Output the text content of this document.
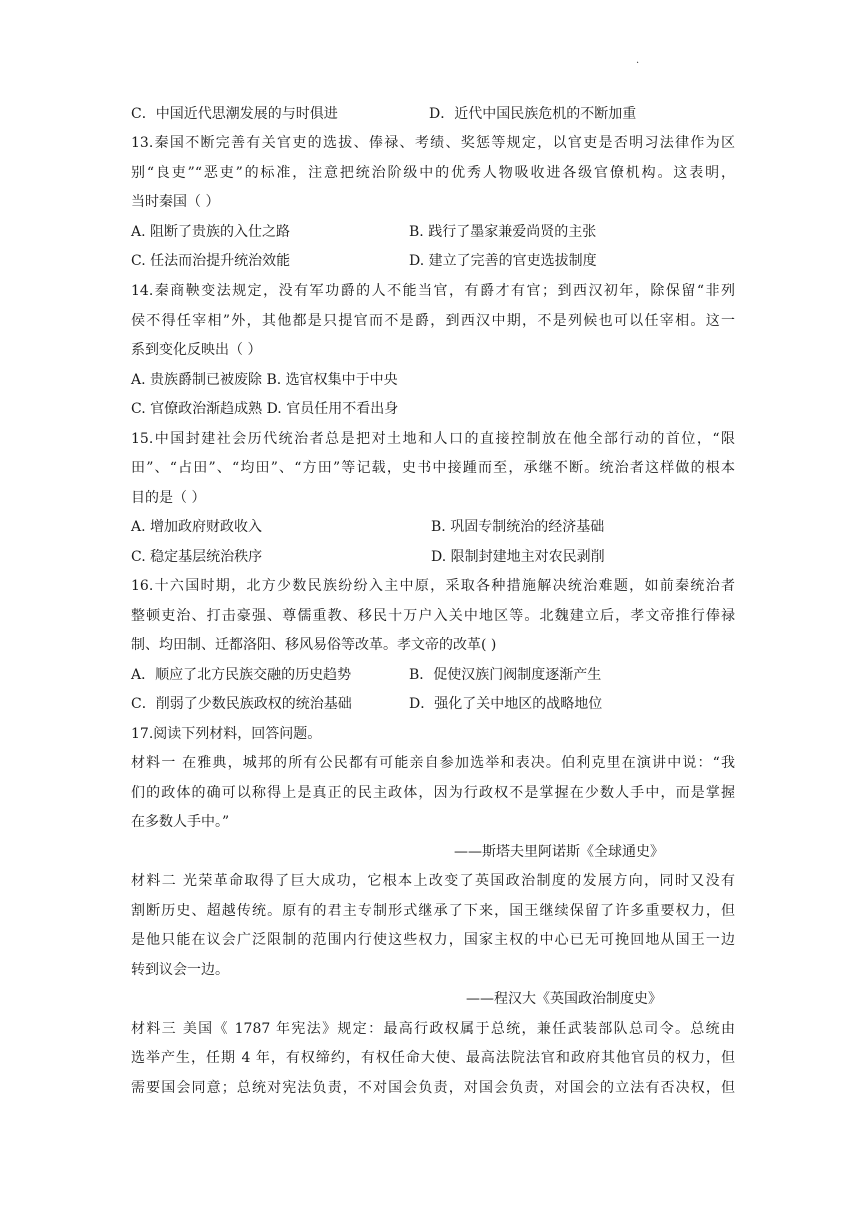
·
C．中国近代思潮发展的与时俱进	D．近代中国民族危机的不断加重
13.秦国不断完善有关官吏的选拔、俸禄、考绩、奖惩等规定，以官吏是否明习法律作为区
别“良吏”“恶吏”的标准，注意把统治阶级中的优秀人物吸收进各级官僚机构。这表明，
当时秦国（ ）
A. 阻断了贵族的入仕之路	B. 践行了墨家兼爱尚贤的主张
C. 任法而治提升统治效能	D. 建立了完善的官吏选拔制度
14.秦商鞅变法规定，没有军功爵的人不能当官，有爵才有官；到西汉初年，除保留“非列
侯不得任宰相”外，其他都是只提官而不是爵，到西汉中期，不是列候也可以任宰相。这一
系到变化反映出（ ）
A. 贵族爵制已被废除 B. 选官权集中于中央
C. 官僚政治渐趋成熟 D. 官员任用不看出身
15.中国封建社会历代统治者总是把对土地和人口的直接控制放在他全部行动的首位，“限
田”、“占田”、“均田”、“方田”等记载，史书中接踵而至，承继不断。统治者这样做的根本
目的是（ ）
A. 增加政府财政收入	B. 巩固专制统治的经济基础
C. 稳定基层统治秩序	D. 限制封建地主对农民剥削
16.十六国时期，北方少数民族纷纷入主中原，采取各种措施解决统治难题，如前秦统治者
整顿吏治、打击豪强、尊儒重教、移民十万户入关中地区等。北魏建立后，孝文帝推行俸禄
制、均田制、迁都洛阳、移风易俗等改革。孝文帝的改革( )
A．顺应了北方民族交融的历史趋势	B．促使汉族门阀制度逐渐产生
C．削弱了少数民族政权的统治基础	D．强化了关中地区的战略地位
17.阅读下列材料，回答问题。
材料一 在雅典，城邦的所有公民都有可能亲自参加选举和表决。伯利克里在演讲中说：“我
们的政体的确可以称得上是真正的民主政体，因为行政权不是掌握在少数人手中，而是掌握
在多数人手中。”
——斯塔夫里阿诺斯《全球通史》
材料二 光荣革命取得了巨大成功，它根本上改变了英国政治制度的发展方向，同时又没有
割断历史、超越传统。原有的君主专制形式继承了下来，国王继续保留了许多重要权力，但
是他只能在议会广泛限制的范围内行使这些权力，国家主权的中心已无可挽回地从国王一边
转到议会一边。
——程汉大《英国政治制度史》
材料三 美国《 1787 年宪法》规定：最高行政权属于总统，兼任武装部队总司令。总统由
选举产生，任期 4 年，有权缔约，有权任命大使、最高法院法官和政府其他官员的权力，但
需要国会同意；总统对宪法负责，不对国会负责，对国会负责，对国会的立法有否决权，但
